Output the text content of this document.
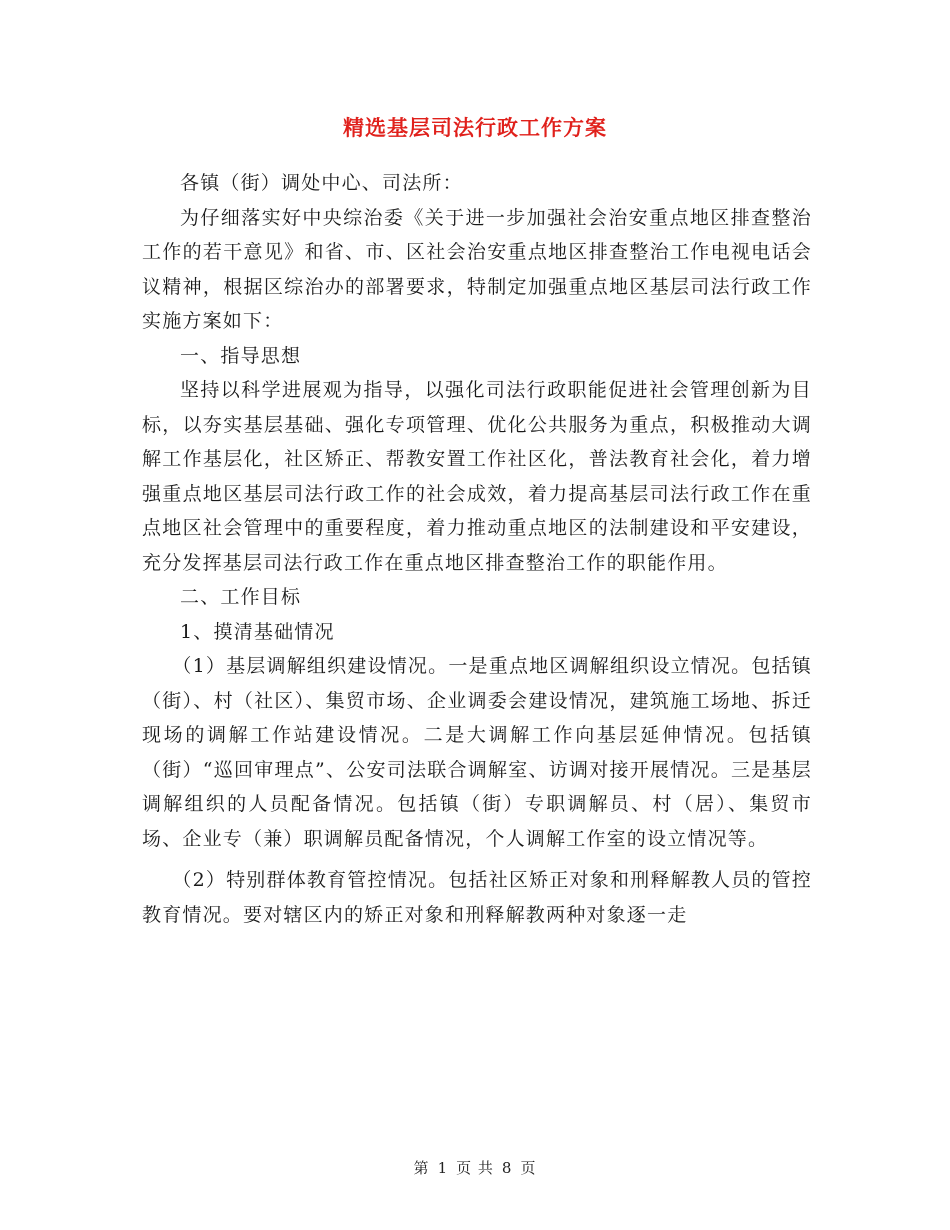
精选基层司法行政工作方案

各镇（街）调处中心、司法所：

为仔细落实好中央综治委《关于进一步加强社会治安重点地区排查整治工作的若干意见》和省、市、区社会治安重点地区排查整治工作电视电话会议精神，根据区综治办的部署要求，特制定加强重点地区基层司法行政工作实施方案如下：

一、指导思想

坚持以科学进展观为指导，以强化司法行政职能促进社会管理创新为目标，以夯实基层基础、强化专项管理、优化公共服务为重点，积极推动大调解工作基层化，社区矫正、帮教安置工作社区化，普法教育社会化，着力增强重点地区基层司法行政工作的社会成效，着力提高基层司法行政工作在重点地区社会管理中的重要程度，着力推动重点地区的法制建设和平安建设，充分发挥基层司法行政工作在重点地区排查整治工作的职能作用。

二、工作目标

1、摸清基础情况

（1）基层调解组织建设情况。一是重点地区调解组织设立情况。包括镇（街）、村（社区）、集贸市场、企业调委会建设情况，建筑施工场地、拆迁现场的调解工作站建设情况。二是大调解工作向基层延伸情况。包括镇（街）“巡回审理点”、公安司法联合调解室、访调对接开展情况。三是基层调解组织的人员配备情况。包括镇（街）专职调解员、村（居）、集贸市场、企业专（兼）职调解员配备情况，个人调解工作室的设立情况等。

（2）特别群体教育管控情况。包括社区矫正对象和刑释解教人员的管控教育情况。要对辖区内的矫正对象和刑释解教两种对象逐一走

第 1 页 共 8 页
